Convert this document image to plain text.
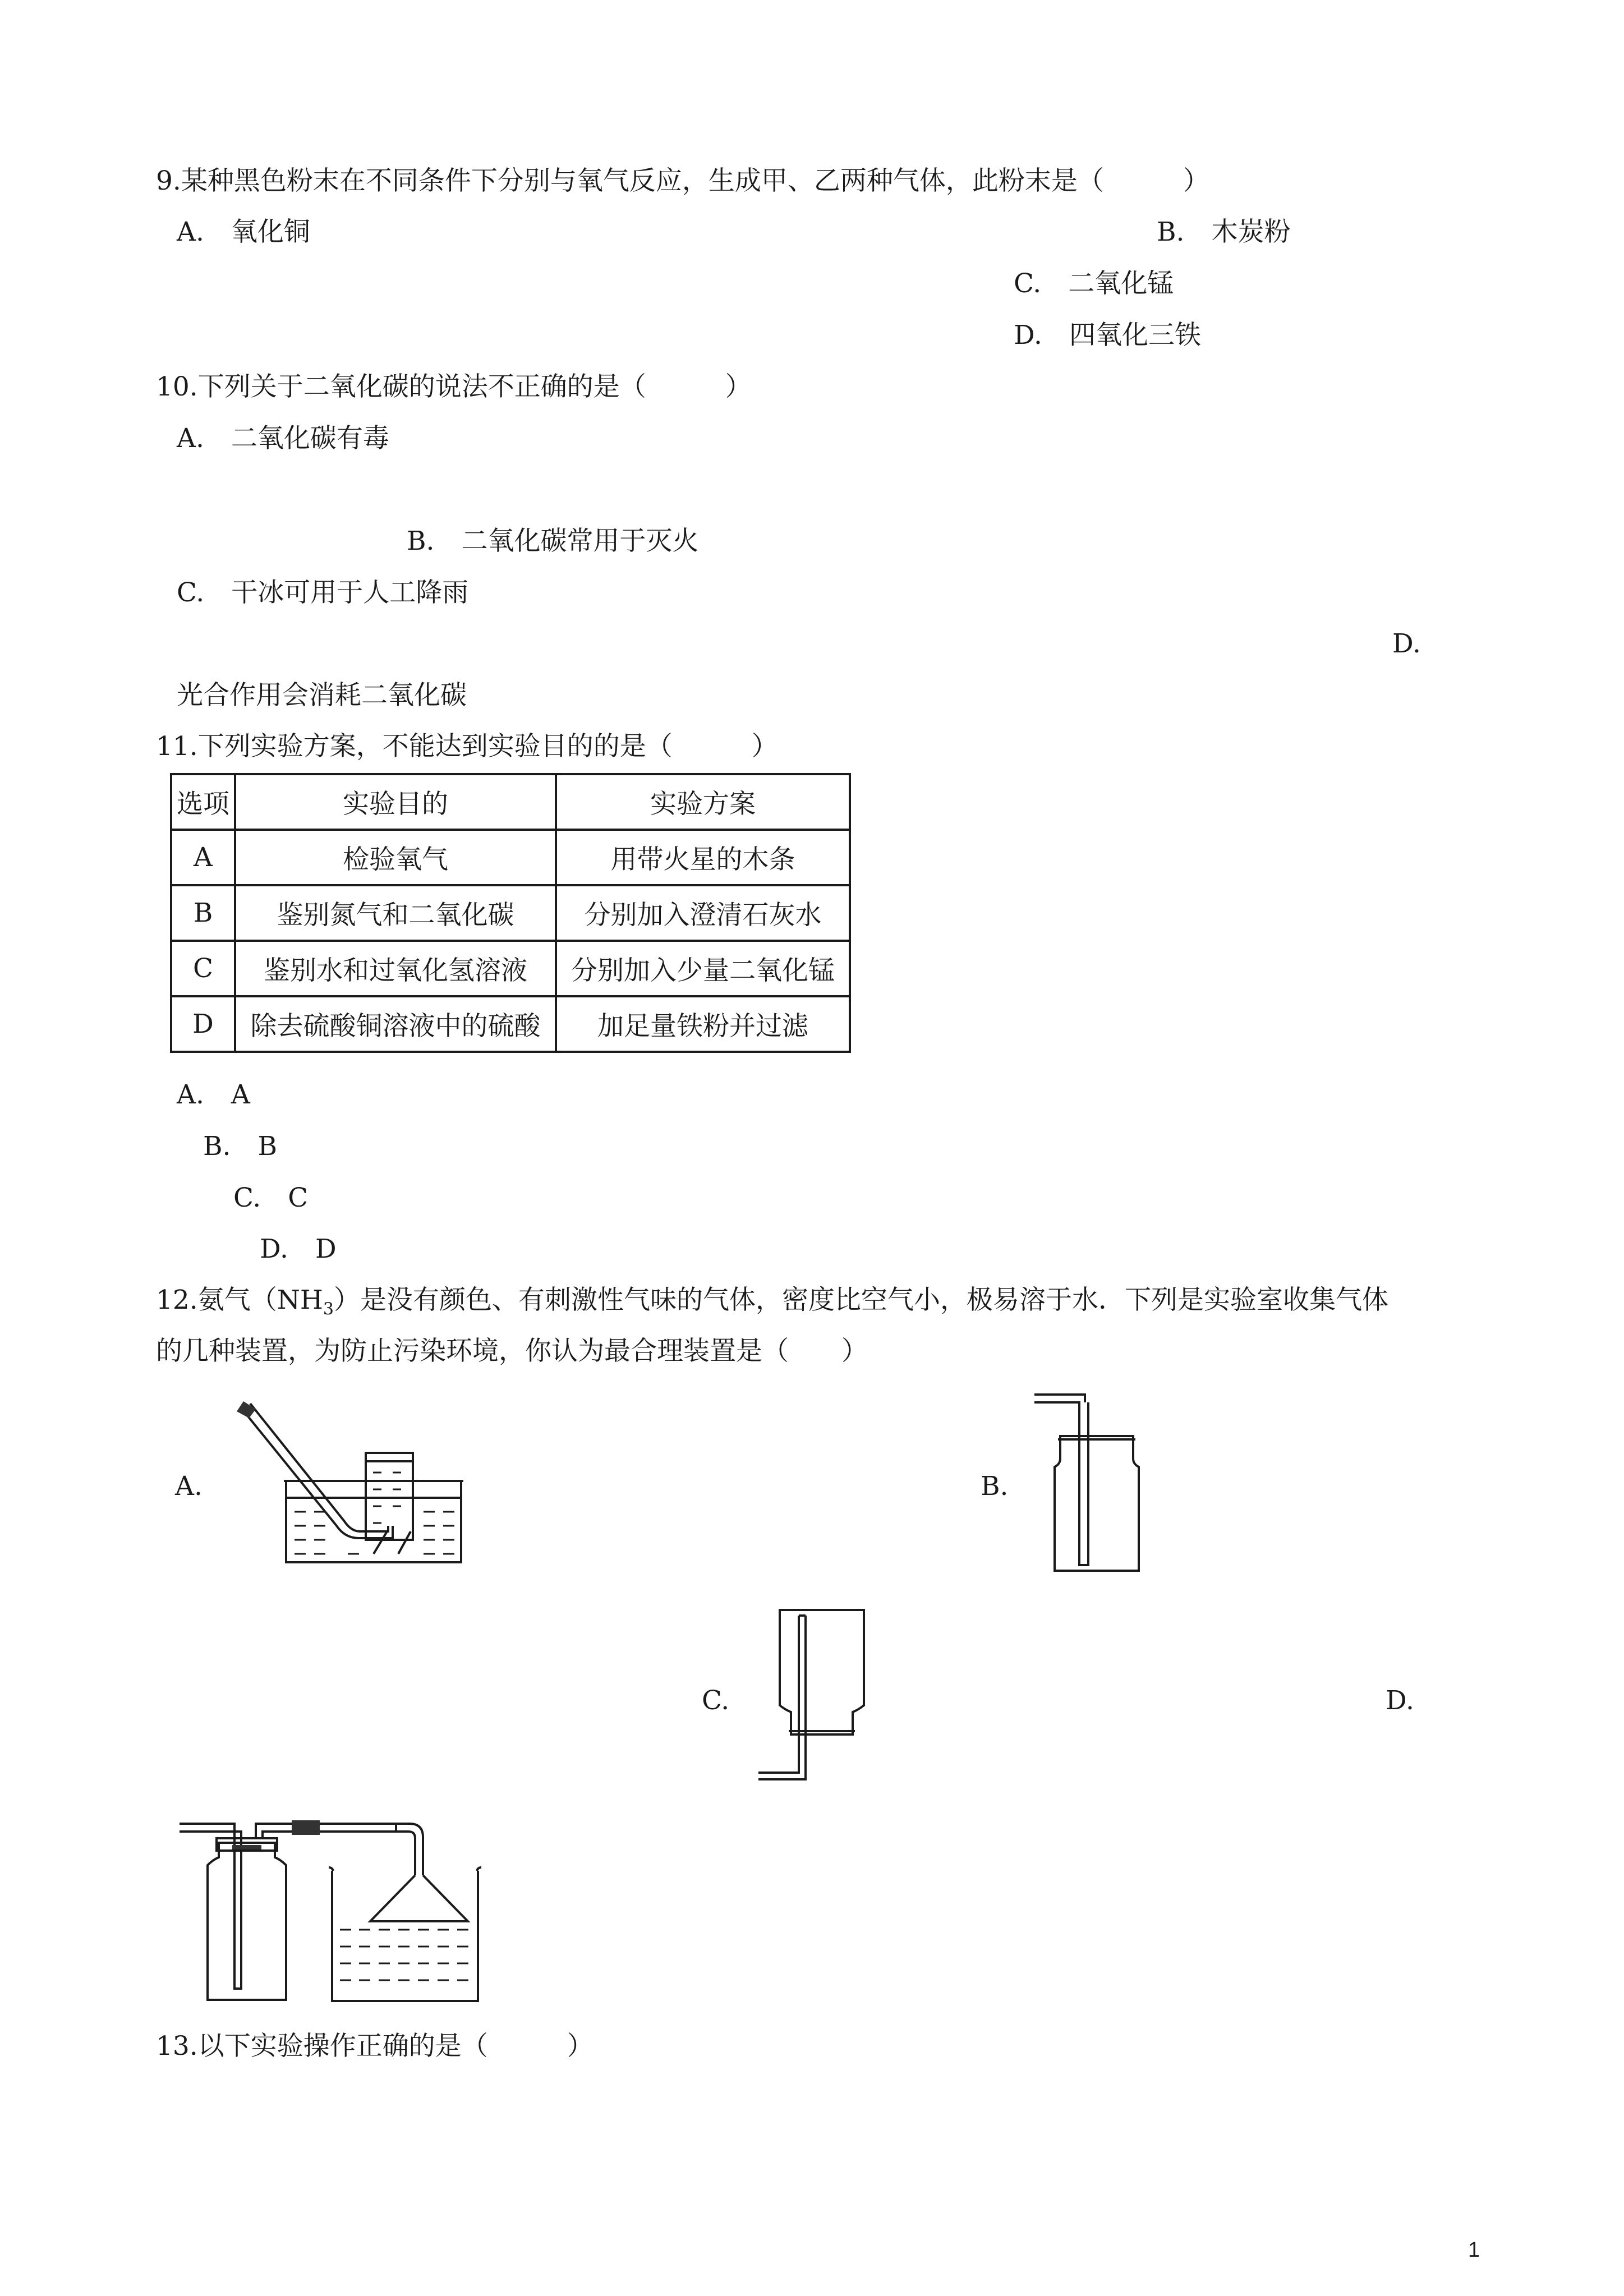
9.某种黑色粉末在不同条件下分别与氧气反应，生成甲、乙两种气体，此粉末是（　　　）
A. 氧化铜	B. 木炭粉
C. 二氧化锰
D. 四氧化三铁
10.下列关于二氧化碳的说法不正确的是（　　　）
A. 二氧化碳有毒
B. 二氧化碳常用于灭火
C. 干冰可用于人工降雨
D.
光合作用会消耗二氧化碳
11.下列实验方案，不能达到实验目的的是（　　　）
选项	实验目的	实验方案
A	检验氧气	用带火星的木条
B	鉴别氮气和二氧化碳	分别加入澄清石灰水
C	鉴别水和过氧化氢溶液	分别加入少量二氧化锰
D	除去硫酸铜溶液中的硫酸	加足量铁粉并过滤
A. A
B. B
C. C
D. D
12.氨气$(NH_3)$是没有颜色、有刺激性气味的气体，密度比空气小，极易溶于水．下列是实验室收集气体
的几种装置，为防止污染环境，你认为最合理装置是（　　）
A.	B.
C.	D.
13.以下实验操作正确的是（　　　）
1
